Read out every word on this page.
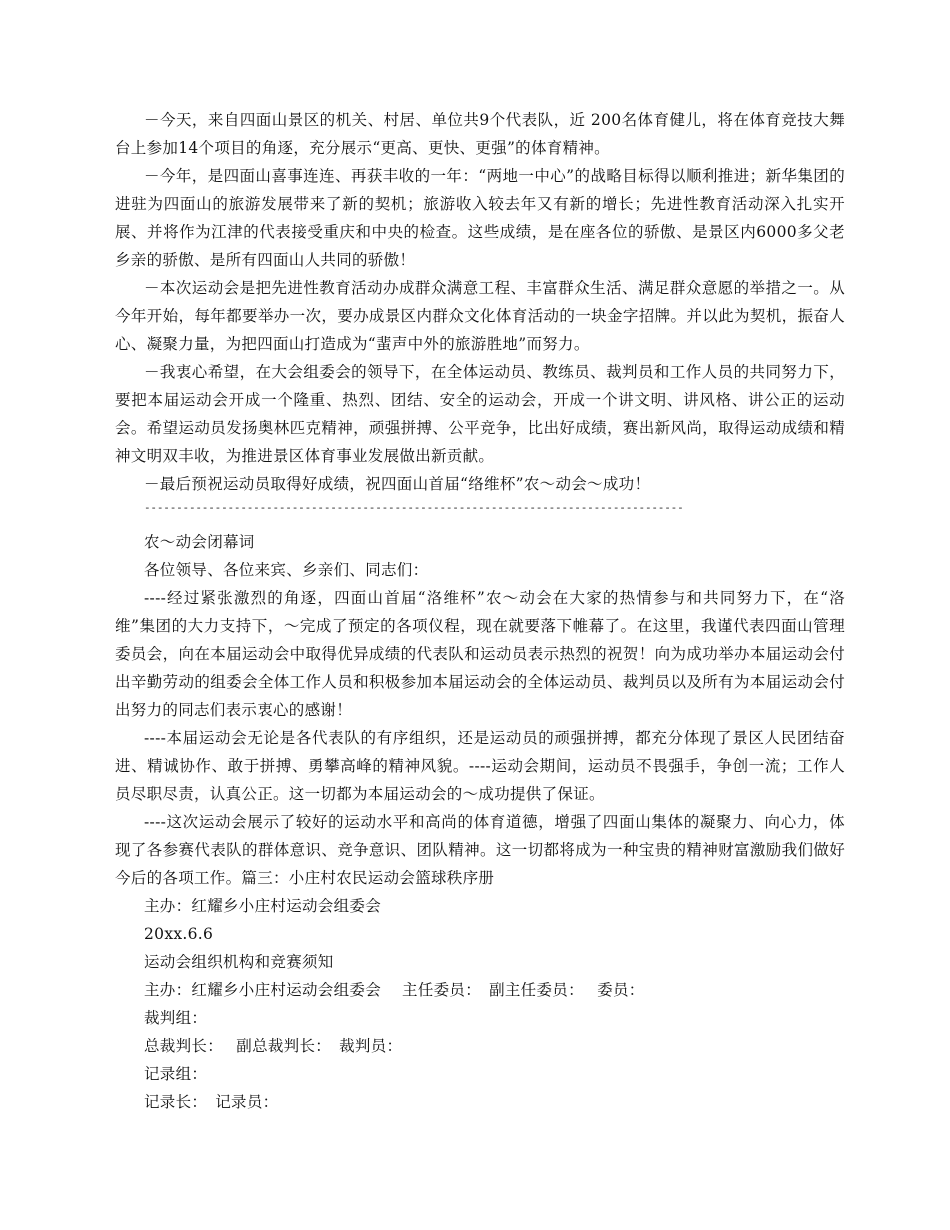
－今天，来自四面山景区的机关、村居、单位共9个代表队，近 200名体育健儿，将在体育竞技大舞台上参加14个项目的角逐，充分展示“更高、更快、更强”的体育精神。

－今年，是四面山喜事连连、再获丰收的一年：“两地一中心”的战略目标得以顺利推进；新华集团的进驻为四面山的旅游发展带来了新的契机；旅游收入较去年又有新的增长；先进性教育活动深入扎实开展、并将作为江津的代表接受重庆和中央的检查。这些成绩，是在座各位的骄傲、是景区内6000多父老乡亲的骄傲、是所有四面山人共同的骄傲！

－本次运动会是把先进性教育活动办成群众满意工程、丰富群众生活、满足群众意愿的举措之一。从今年开始，每年都要举办一次，要办成景区内群众文化体育活动的一块金字招牌。并以此为契机，振奋人心、凝聚力量，为把四面山打造成为“蜚声中外的旅游胜地”而努力。

－我衷心希望，在大会组委会的领导下，在全体运动员、教练员、裁判员和工作人员的共同努力下，要把本届运动会开成一个隆重、热烈、团结、安全的运动会，开成一个讲文明、讲风格、讲公正的运动会。希望运动员发扬奥林匹克精神，顽强拼搏、公平竞争，比出好成绩，赛出新风尚，取得运动成绩和精神文明双丰收，为推进景区体育事业发展做出新贡献。

－最后预祝运动员取得好成绩，祝四面山首届“络维杯”农～动会～成功！

------------------------------------------------------------------------------------

农～动会闭幕词

各位领导、各位来宾、乡亲们、同志们：

----经过紧张激烈的角逐，四面山首届“洛维杯”农～动会在大家的热情参与和共同努力下，在“洛维”集团的大力支持下，～完成了预定的各项仪程，现在就要落下帷幕了。在这里，我谨代表四面山管理委员会，向在本届运动会中取得优异成绩的代表队和运动员表示热烈的祝贺！向为成功举办本届运动会付出辛勤劳动的组委会全体工作人员和积极参加本届运动会的全体运动员、裁判员以及所有为本届运动会付出努力的同志们表示衷心的感谢！

----本届运动会无论是各代表队的有序组织，还是运动员的顽强拼搏，都充分体现了景区人民团结奋进、精诚协作、敢于拼搏、勇攀高峰的精神风貌。----运动会期间，运动员不畏强手，争创一流；工作人员尽职尽责，认真公正。这一切都为本届运动会的～成功提供了保证。

----这次运动会展示了较好的运动水平和高尚的体育道德，增强了四面山集体的凝聚力、向心力，体现了各参赛代表队的群体意识、竞争意识、团队精神。这一切都将成为一种宝贵的精神财富激励我们做好今后的各项工作。篇三：小庄村农民运动会篮球秩序册

主办：红耀乡小庄村运动会组委会

20xx.6.6

运动会组织机构和竞赛须知

主办：红耀乡小庄村运动会组委会　 主任委员：　副主任委员：　 委员：

裁判组：

总裁判长：　 副总裁判长：　裁判员：

记录组：

记录长：　记录员：
